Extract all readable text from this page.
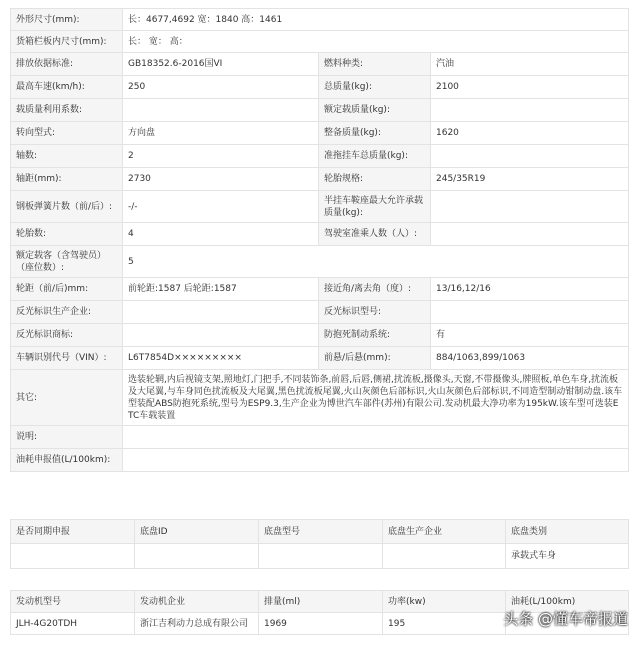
外形尺寸(mm):	长：4677,4692 宽：1840 高：1461		
货箱栏板内尺寸(mm):	长： 宽： 高：		
排放依据标准:	GB18352.6-2016国VI	燃料种类:	汽油
最高车速(km/h):	250	总质量(kg):	2100
载质量利用系数:		额定载质量(kg):	
转向型式:	方向盘	整备质量(kg):	1620
轴数:	2	准拖挂车总质量(kg):	
轴距(mm):	2730	轮胎规格:	245/35R19
钢板弹簧片数（前/后）:	-/-	半挂车鞍座最大允许承载质量(kg):	
轮胎数:	4	驾驶室准乘人数（人）:	
额定载客（含驾驶员）（座位数）:	5		
轮距（前/后)mm:	前轮距:1587 后轮距:1587	接近角/离去角（度）:	13/16,12/16
反光标识生产企业:		反光标识型号:	
反光标识商标:		防抱死制动系统:	有
车辆识别代号（VIN）:	L6T7854D×××××××××	前悬/后悬(mm):	884/1063,899/1063
其它:	选装轮辋,内后视镜支架,照地灯,门把手,不同装饰条,前唇,后唇,侧裙,扰流板,摄像头,天窗,不带摄像头,牌照板,单色车身,扰流板及大尾翼,与车身同色扰流板及大尾翼,黑色扰流板尾翼,火山灰颜色后部标识,火山灰颜色后部标识,不同造型制动钳制动盘.该车型装配ABS防抱死系统,型号为ESP9.3,生产企业为博世汽车部件(苏州)有限公司.发动机最大净功率为195kW.该车型可选装ETC车载装置		
说明:			
油耗申报值(L/100km):			
是否同期申报	底盘ID	底盘型号	底盘生产企业	底盘类别
				承载式车身
发动机型号	发动机企业	排量(ml)	功率(kw)	油耗(L/100km)
JLH-4G20TDH	浙江吉利动力总成有限公司	1969	195		头条 @懂车帝报道
